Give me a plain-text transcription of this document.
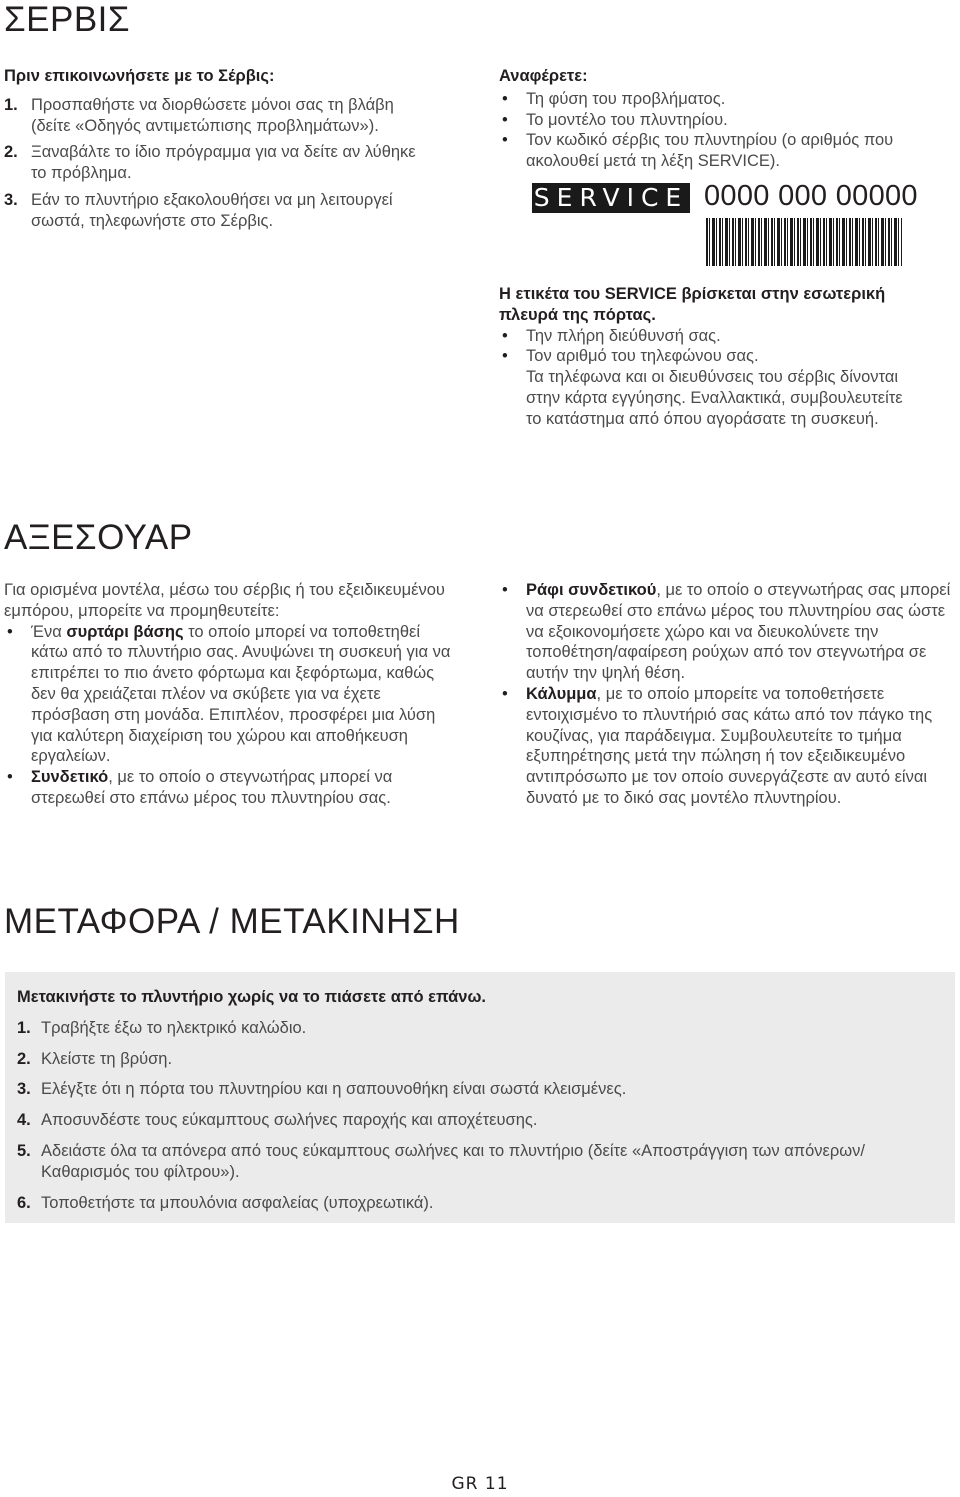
ΣΕΡΒΙΣ
Πριν επικοινωνήσετε με το Σέρβις:
1. Προσπαθήστε να διορθώσετε μόνοι σας τη βλάβη (δείτε «Οδηγός αντιμετώπισης προβλημάτων»).
2. Ξαναβάλτε το ίδιο πρόγραμμα για να δείτε αν λύθηκε το πρόβλημα.
3. Εάν το πλυντήριο εξακολουθήσει να μη λειτουργεί σωστά, τηλεφωνήστε στο Σέρβις.
Αναφέρετε:
• Τη φύση του προβλήματος.
• Το μοντέλο του πλυντηρίου.
• Τον κωδικό σέρβις του πλυντηρίου (ο αριθμός που ακολουθεί μετά τη λέξη SERVICE).
SERVICE 0000 000 00000
Η ετικέτα του SERVICE βρίσκεται στην εσωτερική πλευρά της πόρτας.
• Την πλήρη διεύθυνσή σας.
• Τον αριθμό του τηλεφώνου σας.
Τα τηλέφωνα και οι διευθύνσεις του σέρβις δίνονται στην κάρτα εγγύησης. Εναλλακτικά, συμβουλευτείτε το κατάστημα από όπου αγοράσατε τη συσκευή.
ΑΞΕΣΟΥΑΡ
Για ορισμένα μοντέλα, μέσω του σέρβις ή του εξειδικευμένου εμπόρου, μπορείτε να προμηθευτείτε:
• Ένα συρτάρι βάσης το οποίο μπορεί να τοποθετηθεί κάτω από το πλυντήριο σας. Ανυψώνει τη συσκευή για να επιτρέπει το πιο άνετο φόρτωμα και ξεφόρτωμα, καθώς δεν θα χρειάζεται πλέον να σκύβετε για να έχετε πρόσβαση στη μονάδα. Επιπλέον, προσφέρει μια λύση για καλύτερη διαχείριση του χώρου και αποθήκευση εργαλείων.
• Συνδετικό, με το οποίο ο στεγνωτήρας μπορεί να στερεωθεί στο επάνω μέρος του πλυντηρίου σας.
• Ράφι συνδετικού, με το οποίο ο στεγνωτήρας σας μπορεί να στερεωθεί στο επάνω μέρος του πλυντηρίου σας ώστε να εξοικονομήσετε χώρο και να διευκολύνετε την τοποθέτηση/αφαίρεση ρούχων από τον στεγνωτήρα σε αυτήν την ψηλή θέση.
• Κάλυμμα, με το οποίο μπορείτε να τοποθετήσετε εντοιχισμένο το πλυντήριό σας κάτω από τον πάγκο της κουζίνας, για παράδειγμα. Συμβουλευτείτε το τμήμα εξυπηρέτησης μετά την πώληση ή τον εξειδικευμένο αντιπρόσωπο με τον οποίο συνεργάζεστε αν αυτό είναι δυνατό με το δικό σας μοντέλο πλυντηρίου.
ΜΕΤΑΦΟΡΑ / ΜΕΤΑΚΙΝΗΣΗ
Μετακινήστε το πλυντήριο χωρίς να το πιάσετε από επάνω.
1. Τραβήξτε έξω το ηλεκτρικό καλώδιο.
2. Κλείστε τη βρύση.
3. Ελέγξτε ότι η πόρτα του πλυντηρίου και η σαπουνοθήκη είναι σωστά κλεισμένες.
4. Αποσυνδέστε τους εύκαμπτους σωλήνες παροχής και αποχέτευσης.
5. Αδειάστε όλα τα απόνερα από τους εύκαμπτους σωλήνες και το πλυντήριο (δείτε «Αποστράγγιση των απόνερων/Καθαρισμός του φίλτρου»).
6. Τοποθετήστε τα μπουλόνια ασφαλείας (υποχρεωτικά).
GR 11
